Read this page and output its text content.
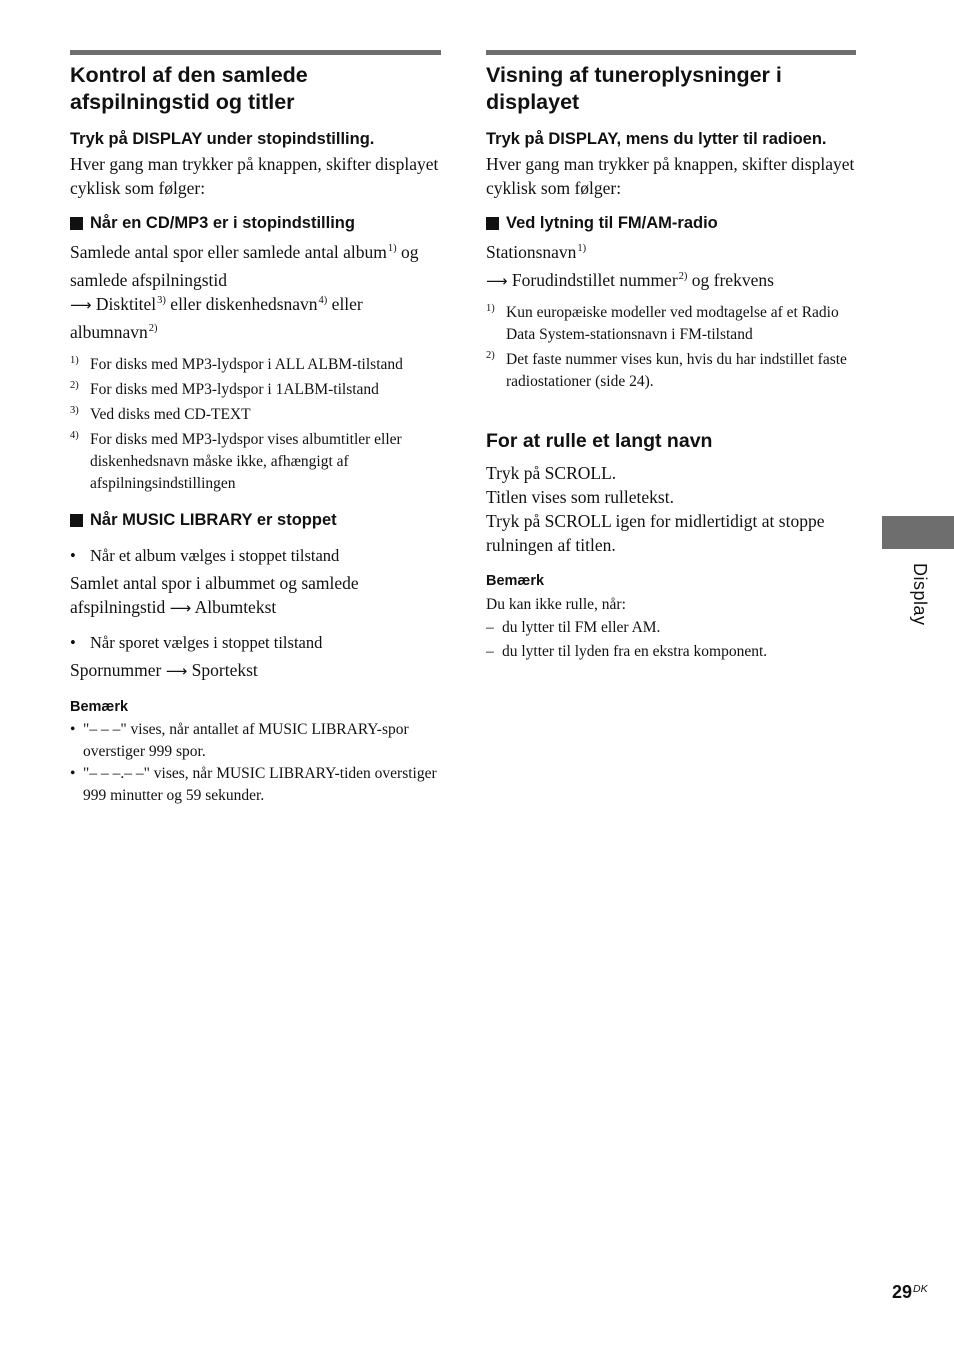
Kontrol af den samlede afspilningstid og titler

Tryk på DISPLAY under stopindstilling.

Hver gang man trykker på knappen, skifter displayet cyklisk som følger:

Når en CD/MP3 er i stopindstilling

Samlede antal spor eller samlede antal album$^{1)}$ og samlede afspilningstid
⟶ Disktitel$^{3)}$ eller diskenhedsnavn$^{4)}$ eller albumnavn$^{2)}$

1) For disks med MP3-lydspor i ALL ALBM-tilstand
2) For disks med MP3-lydspor i 1ALBM-tilstand
3) Ved disks med CD-TEXT
4) For disks med MP3-lydspor vises albumtitler eller diskenhedsnavn måske ikke, afhængigt af afspilningsindstillingen
Når MUSIC LIBRARY er stoppet
• Når et album vælges i stoppet tilstand

Samlet antal spor i albummet og samlede afspilningstid ⟶ Albumtekst

• Når sporet vælges i stoppet tilstand

Spornummer ⟶ Sportekst

Bemærk

• "– – –" vises, når antallet af MUSIC LIBRARY-spor overstiger 999 spor.
• "– – –.– –" vises, når MUSIC LIBRARY-tiden overstiger 999 minutter og 59 sekunder.
Visning af tuneroplysninger i displayet

Tryk på DISPLAY, mens du lytter til radioen.

Hver gang man trykker på knappen, skifter displayet cyklisk som følger:

Ved lytning til FM/AM-radio

Stationsnavn$^{1)}$
⟶ Forudindstillet nummer$^{2)}$ og frekvens

1) Kun europæiske modeller ved modtagelse af et Radio Data System-stationsnavn i FM-tilstand
2) Det faste nummer vises kun, hvis du har indstillet faste radiostationer (side 24).
For at rulle et langt navn

Tryk på SCROLL.

Titlen vises som rulletekst.

Tryk på SCROLL igen for midlertidigt at stoppe rulningen af titlen.

Bemærk

Du kan ikke rulle, når:

– du lytter til FM eller AM.
– du lytter til lyden fra en ekstra komponent.
Display
$29^{DK}$
